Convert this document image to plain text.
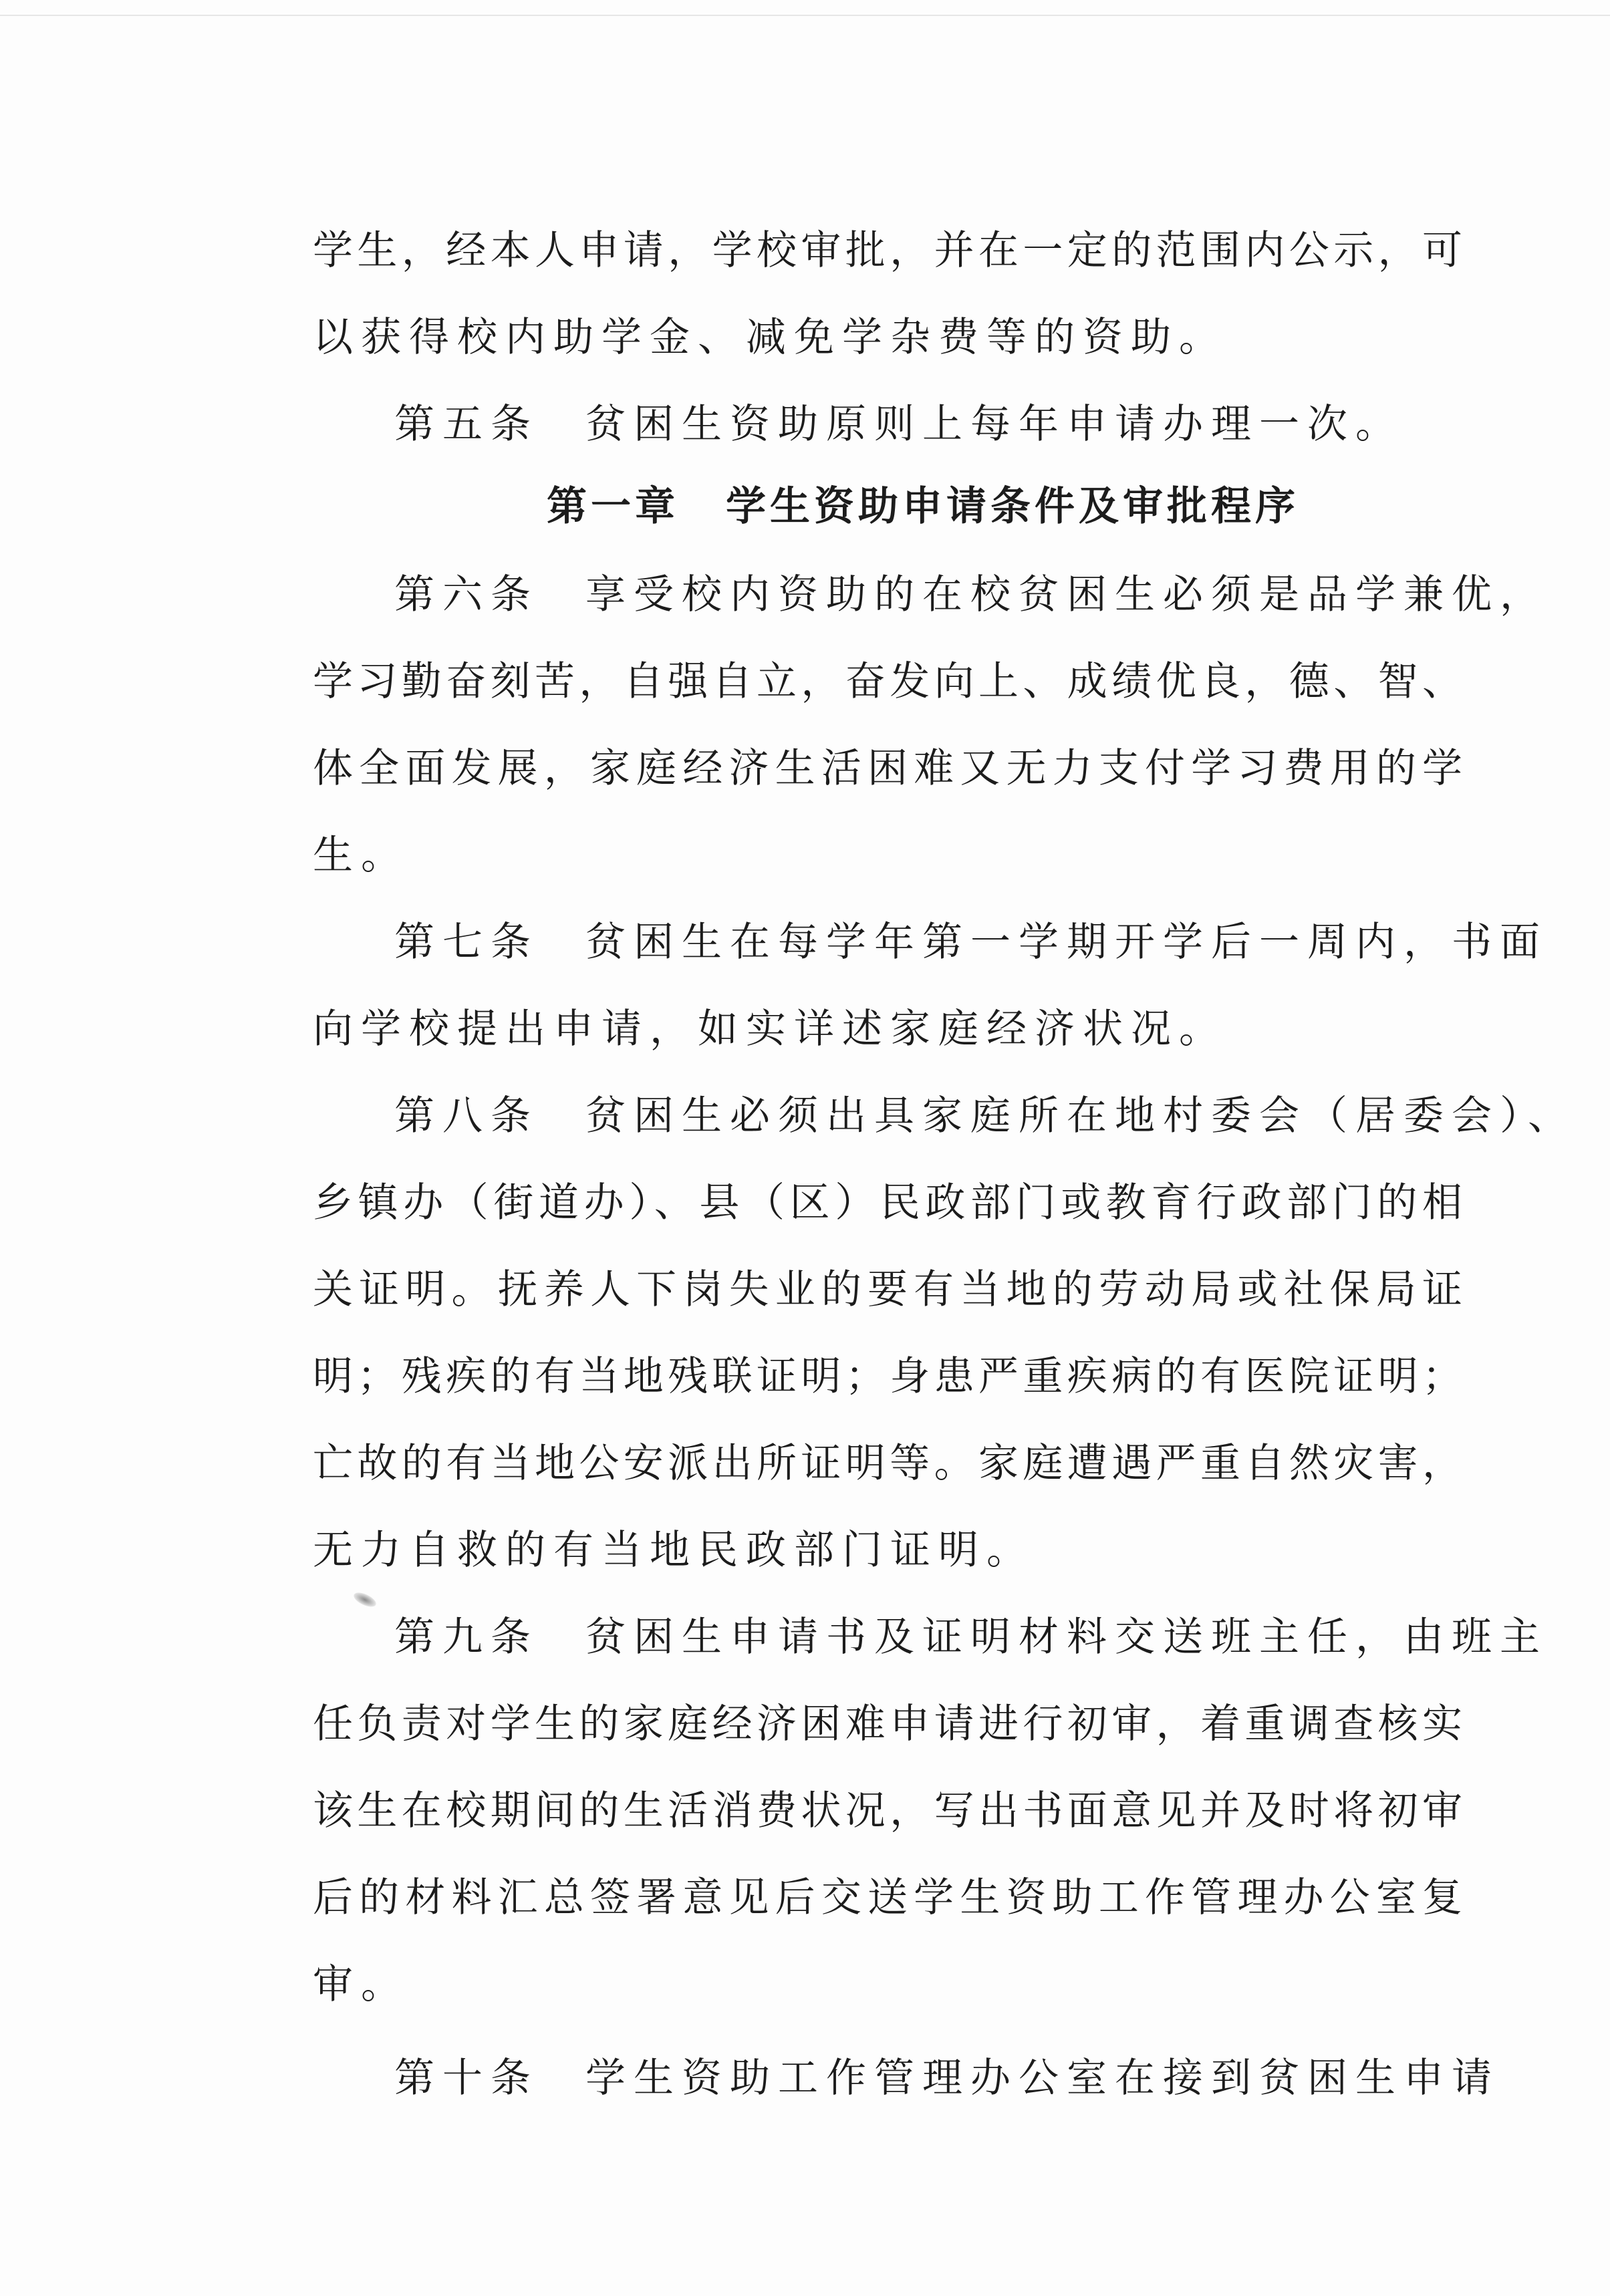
学生，经本人申请，学校审批，并在一定的范围内公示，可
以获得校内助学金、减免学杂费等的资助。
第五条 贫困生资助原则上每年申请办理一次。
第一章 学生资助申请条件及审批程序
第六条 享受校内资助的在校贫困生必须是品学兼优，
学习勤奋刻苦，自强自立，奋发向上、成绩优良，德、智、
体全面发展，家庭经济生活困难又无力支付学习费用的学
生。
第七条 贫困生在每学年第一学期开学后一周内，书面
向学校提出申请，如实详述家庭经济状况。
第八条 贫困生必须出具家庭所在地村委会（居委会）、
乡镇办（街道办）、县（区）民政部门或教育行政部门的相
关证明。抚养人下岗失业的要有当地的劳动局或社保局证
明；残疾的有当地残联证明；身患严重疾病的有医院证明；
亡故的有当地公安派出所证明等。家庭遭遇严重自然灾害，
无力自救的有当地民政部门证明。
第九条 贫困生申请书及证明材料交送班主任，由班主
任负责对学生的家庭经济困难申请进行初审，着重调查核实
该生在校期间的生活消费状况，写出书面意见并及时将初审
后的材料汇总签署意见后交送学生资助工作管理办公室复
审。
第十条 学生资助工作管理办公室在接到贫困生申请
